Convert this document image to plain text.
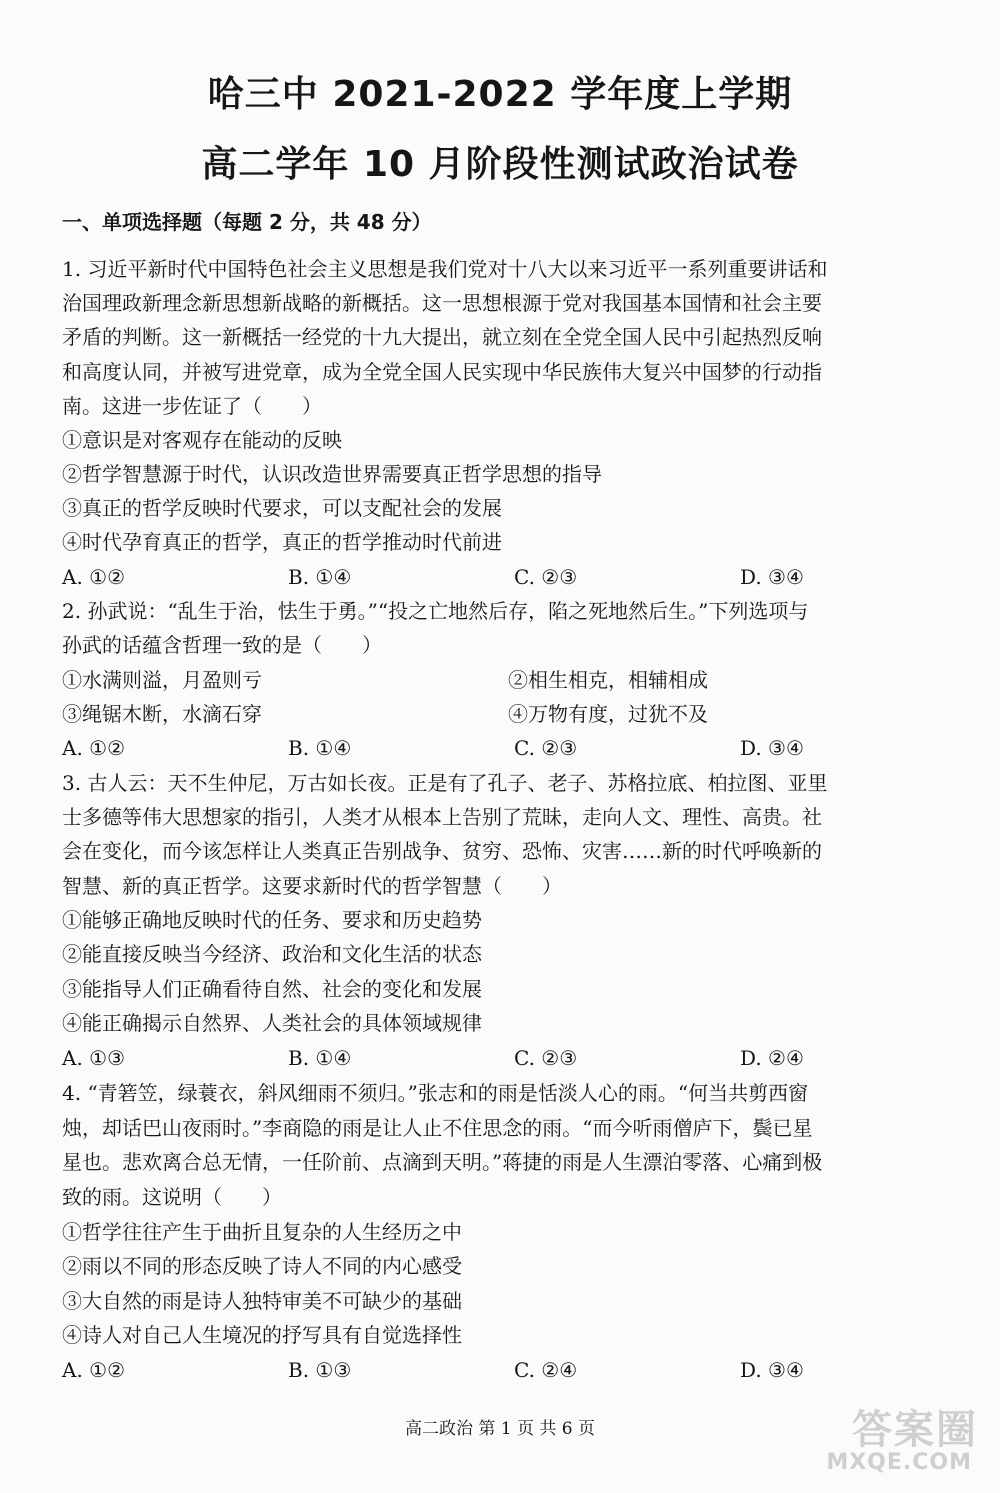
哈三中 2021-2022 学年度上学期
高二学年 10 月阶段性测试政治试卷
一、单项选择题（每题 2 分，共 48 分）
1. 习近平新时代中国特色社会主义思想是我们党对十八大以来习近平一系列重要讲话和
治国理政新理念新思想新战略的新概括。这一思想根源于党对我国基本国情和社会主要
矛盾的判断。这一新概括一经党的十九大提出，就立刻在全党全国人民中引起热烈反响
和高度认同，并被写进党章，成为全党全国人民实现中华民族伟大复兴中国梦的行动指
南。这进一步佐证了（　　）
①意识是对客观存在能动的反映
②哲学智慧源于时代，认识改造世界需要真正哲学思想的指导
③真正的哲学反映时代要求，可以支配社会的发展
④时代孕育真正的哲学，真正的哲学推动时代前进
A. ①②	B. ①④	C. ②③	D. ③④
2. 孙武说：“乱生于治，怯生于勇。”“投之亡地然后存，陷之死地然后生。”下列选项与
孙武的话蕴含哲理一致的是（　　）
①水满则溢，月盈则亏	②相生相克，相辅相成
③绳锯木断，水滴石穿	④万物有度，过犹不及
A. ①②	B. ①④	C. ②③	D. ③④
3. 古人云：天不生仲尼，万古如长夜。正是有了孔子、老子、苏格拉底、柏拉图、亚里
士多德等伟大思想家的指引，人类才从根本上告别了荒昧，走向人文、理性、高贵。社
会在变化，而今该怎样让人类真正告别战争、贫穷、恐怖、灾害……新的时代呼唤新的
智慧、新的真正哲学。这要求新时代的哲学智慧（　　）
①能够正确地反映时代的任务、要求和历史趋势
②能直接反映当今经济、政治和文化生活的状态
③能指导人们正确看待自然、社会的变化和发展
④能正确揭示自然界、人类社会的具体领域规律
A. ①③	B. ①④	C. ②③	D. ②④
4. “青箬笠，绿蓑衣，斜风细雨不须归。”张志和的雨是恬淡人心的雨。“何当共剪西窗
烛，却话巴山夜雨时。”李商隐的雨是让人止不住思念的雨。“而今听雨僧庐下，鬓已星
星也。悲欢离合总无情，一任阶前、点滴到天明。”蒋捷的雨是人生漂泊零落、心痛到极
致的雨。这说明（　　）
①哲学往往产生于曲折且复杂的人生经历之中
②雨以不同的形态反映了诗人不同的内心感受
③大自然的雨是诗人独特审美不可缺少的基础
④诗人对自己人生境况的抒写具有自觉选择性
A. ①②	B. ①③	C. ②④	D. ③④
高二政治 第 1 页 共 6 页	答案圈
MXQE.COM
